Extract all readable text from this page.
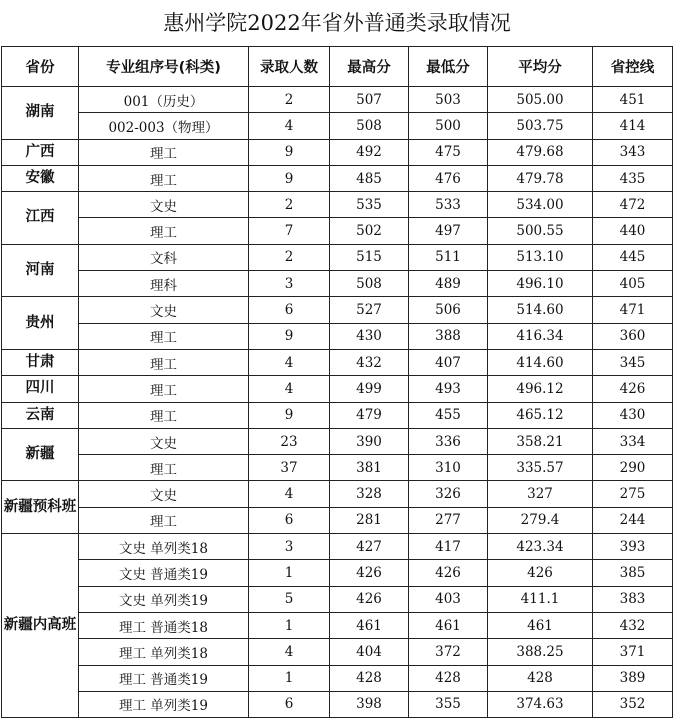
惠州学院2022年省外普通类录取情况
省份	专业组序号(科类)	录取人数	最高分	最低分	平均分	省控线
湖南	001（历史）	2	507	503	505.00	451
	002-003（物理）	4	508	500	503.75	414
广西	理工	9	492	475	479.68	343
安徽	理工	9	485	476	479.78	435
江西	文史	2	535	533	534.00	472
	理工	7	502	497	500.55	440
河南	文科	2	515	511	513.10	445
	理科	3	508	489	496.10	405
贵州	文史	6	527	506	514.60	471
	理工	9	430	388	416.34	360
甘肃	理工	4	432	407	414.60	345
四川	理工	4	499	493	496.12	426
云南	理工	9	479	455	465.12	430
新疆	文史	23	390	336	358.21	334
	理工	37	381	310	335.57	290
新疆预科班	文史	4	328	326	327	275
	理工	6	281	277	279.4	244
新疆内高班	文史 单列类18	3	427	417	423.34	393
	文史 普通类19	1	426	426	426	385
	文史 单列类19	5	426	403	411.1	383
	理工 普通类18	1	461	461	461	432
	理工 单列类18	4	404	372	388.25	371
	理工 普通类19	1	428	428	428	389
	理工 单列类19	6	398	355	374.63	352
